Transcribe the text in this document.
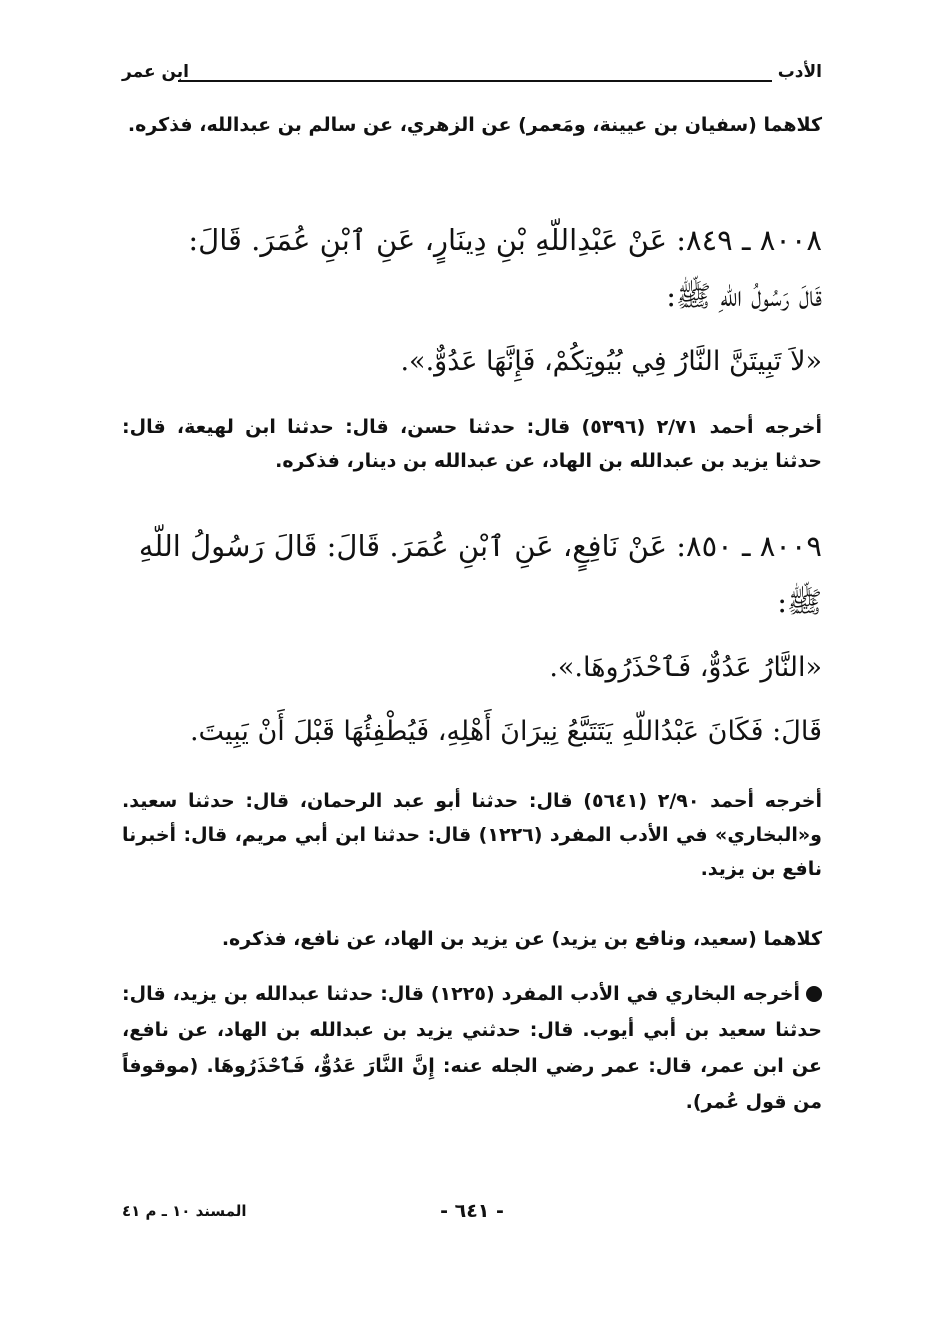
الأدب
ابن عمر
كلاهما (سفيان بن عيينة، ومَعمر) عن الزهري، عن سالم بن عبدالله، فذكره.
٨٠٠٨ ـ ٨٤٩: عَنْ عَبْدِاللّهِ بْنِ دِينَارٍ، عَنِ ٱبْنِ عُمَرَ. قَالَ:
قَالَ رَسُولُ اللّهِ ﷺ:
«لاَ تَبِيتَنَّ النَّارُ فِي بُيُوتِكُمْ، فَإِنَّهَا عَدُوٌّ.».
أخرجه أحمد ٢/٧١ (٥٣٩٦) قال: حدثنا حسن، قال: حدثنا ابن لهيعة، قال: حدثنا يزيد بن عبدالله بن الهاد، عن عبدالله بن دينار، فذكره.
٨٠٠٩ ـ ٨٥٠: عَنْ نَافِعٍ، عَنِ ٱبْنِ عُمَرَ. قَالَ: قَالَ رَسُولُ اللّهِ
ﷺ:
«النَّارُ عَدُوٌّ، فَٱحْذَرُوهَا.».
قَالَ: فَكَانَ عَبْدُاللّهِ يَتَتَبَّعُ نِيرَانَ أَهْلِهِ، فَيُطْفِئُهَا قَبْلَ أَنْ يَبِيتَ.
أخرجه أحمد ٢/٩٠ (٥٦٤١) قال: حدثنا أبو عبد الرحمان، قال: حدثنا سعيد. و«البخاري» في الأدب المفرد (١٢٢٦) قال: حدثنا ابن أبي مريم، قال: أخبرنا نافع بن يزيد.
كلاهما (سعيد، ونافع بن يزيد) عن يزيد بن الهاد، عن نافع، فذكره.
أخرجه البخاري في الأدب المفرد (١٢٢٥) قال: حدثنا عبدالله بن يزيد، قال: حدثنا سعيد بن أبي أيوب. قال: حدثني يزيد بن عبدالله بن الهاد، عن نافع، عن ابن عمر، قال: عمر رضي الجله عنه: إِنَّ النَّارَ عَدُوٌّ، فَٱحْذَرُوهَا. (موقوفاً من قول عُمر).
- ٦٤١ -
المسند ١٠ ـ م ٤١
